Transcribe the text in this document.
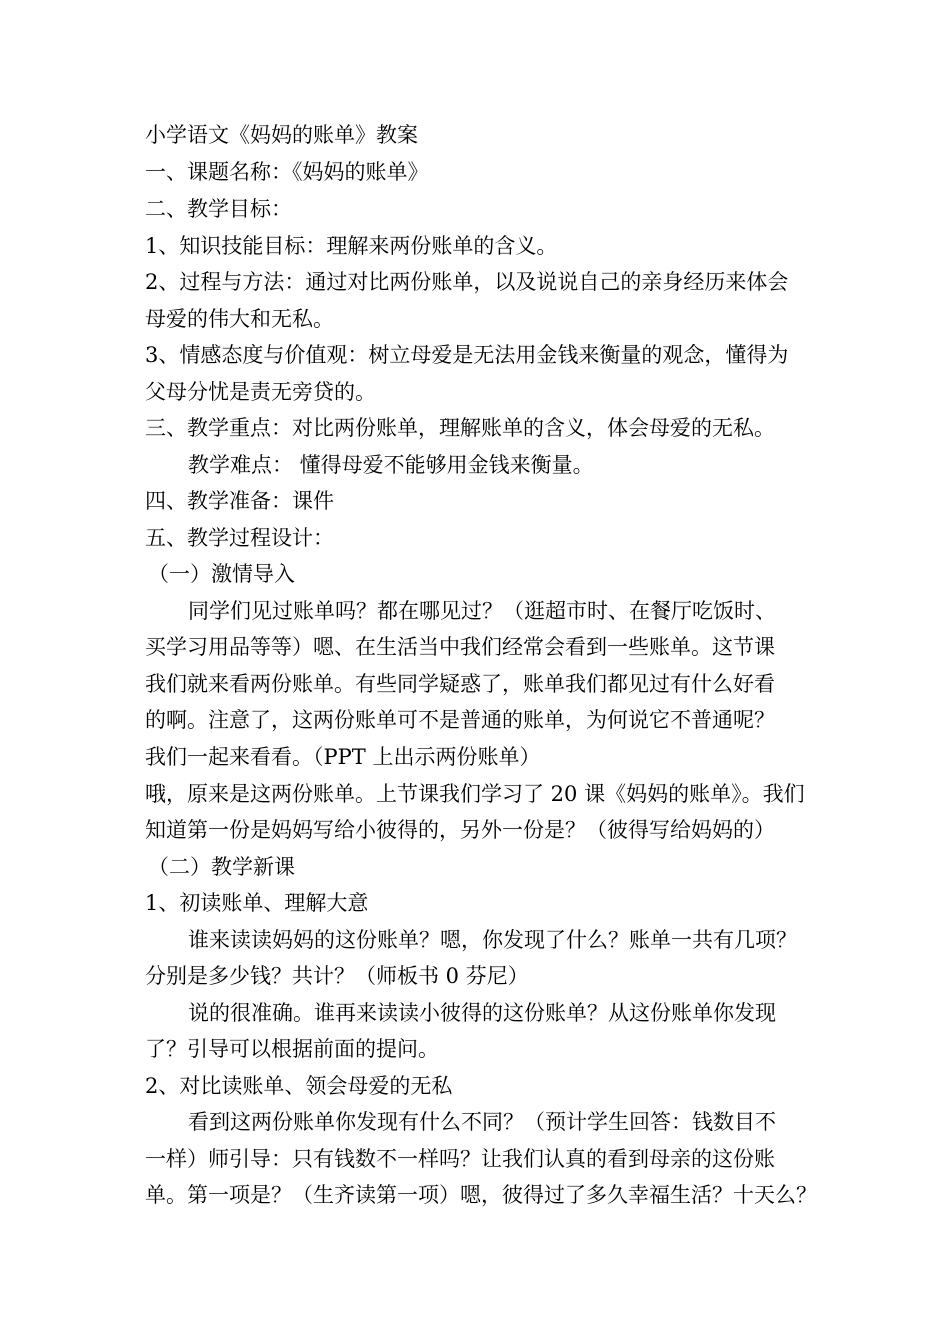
小学语文《妈妈的账单》教案
一、课题名称：《妈妈的账单》
二、教学目标：
1、知识技能目标：理解来两份账单的含义。
2、过程与方法：通过对比两份账单，以及说说自己的亲身经历来体会
母爱的伟大和无私。
3、情感态度与价值观：树立母爱是无法用金钱来衡量的观念，懂得为
父母分忧是责无旁贷的。
三、教学重点：对比两份账单，理解账单的含义，体会母爱的无私。
教学难点： 懂得母爱不能够用金钱来衡量。
四、教学准备：课件
五、教学过程设计：
（一）激情导入
同学们见过账单吗？都在哪见过？（逛超市时、在餐厅吃饭时、
买学习用品等等）嗯、在生活当中我们经常会看到一些账单。这节课
我们就来看两份账单。有些同学疑惑了，账单我们都见过有什么好看
的啊。注意了，这两份账单可不是普通的账单，为何说它不普通呢？
我们一起来看看。（PPT 上出示两份账单）
哦，原来是这两份账单。上节课我们学习了 20 课《妈妈的账单》。我们
知道第一份是妈妈写给小彼得的，另外一份是？（彼得写给妈妈的）
（二）教学新课
1、初读账单、理解大意
谁来读读妈妈的这份账单？嗯，你发现了什么？账单一共有几项？
分别是多少钱？共计？（师板书 0 芬尼）
说的很准确。谁再来读读小彼得的这份账单？从这份账单你发现
了？引导可以根据前面的提问。
2、对比读账单、领会母爱的无私
看到这两份账单你发现有什么不同？（预计学生回答：钱数目不
一样）师引导：只有钱数不一样吗？让我们认真的看到母亲的这份账
单。第一项是？（生齐读第一项）嗯，彼得过了多久幸福生活？十天么？
